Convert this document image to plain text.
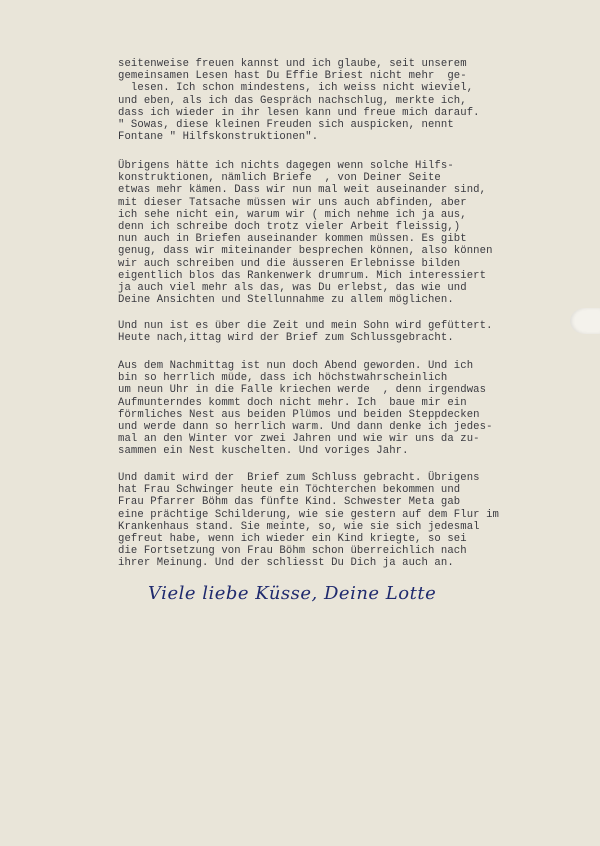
seitenweise freuen kannst und ich glaube, seit unserem
gemeinsamen Lesen hast Du Effie Briest nicht mehr  ge-
lesen. Ich schon mindestens, ich weiss nicht wieviel,
und eben, als ich das Gespräch nachschlug, merkte ich,
dass ich wieder in ihr lesen kann und freue mich darauf.
" Sowas, diese kleinen Freuden sich auspicken, nennt
Fontane " Hilfskonstruktionen".
Übrigens hätte ich nichts dagegen wenn solche Hilfs-
konstruktionen, nämlich Briefe  , von Deiner Seite
etwas mehr kämen. Dass wir nun mal weit auseinander sind,
mit dieser Tatsache müssen wir uns auch abfinden, aber
ich sehe nicht ein, warum wir ( mich nehme ich ja aus,
denn ich schreibe doch trotz vieler Arbeit fleissig,)
nun auch in Briefen auseinander kommen müssen. Es gibt
genug, dass wir miteinander besprechen können, also können
wir auch schreiben und die äusseren Erlebnisse bilden
eigentlich blos das Rankenwerk drumrum. Mich interessiert
ja auch viel mehr als das, was Du erlebst, das wie und
Deine Ansichten und Stellunnahme zu allem möglichen.
Und nun ist es über die Zeit und mein Sohn wird gefüttert.
Heute nach,ittag wird der Brief zum Schlussgebracht.
Aus dem Nachmittag ist nun doch Abend geworden. Und ich
bin so herrlich müde, dass ich höchstwahrscheinlich
um neun Uhr in die Falle kriechen werde  , denn irgendwas
Aufmunterndes kommt doch nicht mehr. Ich  baue mir ein
förmliches Nest aus beiden Plümos und beiden Steppdecken
und werde dann so herrlich warm. Und dann denke ich jedes-
mal an den Winter vor zwei Jahren und wie wir uns da zu-
sammen ein Nest kuschelten. Und voriges Jahr.
Und damit wird der  Brief zum Schluss gebracht. Übrigens
hat Frau Schwinger heute ein Töchterchen bekommen und
Frau Pfarrer Böhm das fünfte Kind. Schwester Meta gab
eine prächtige Schilderung, wie sie gestern auf dem Flur im
Krankenhaus stand. Sie meinte, so, wie sie sich jedesmal
gefreut habe, wenn ich wieder ein Kind kriegte, so sei
die Fortsetzung von Frau Böhm schon überreichlich nach
ihrer Meinung. Und der schliesst Du Dich ja auch an.
Viele liebe Küsse, Deine Lotte
